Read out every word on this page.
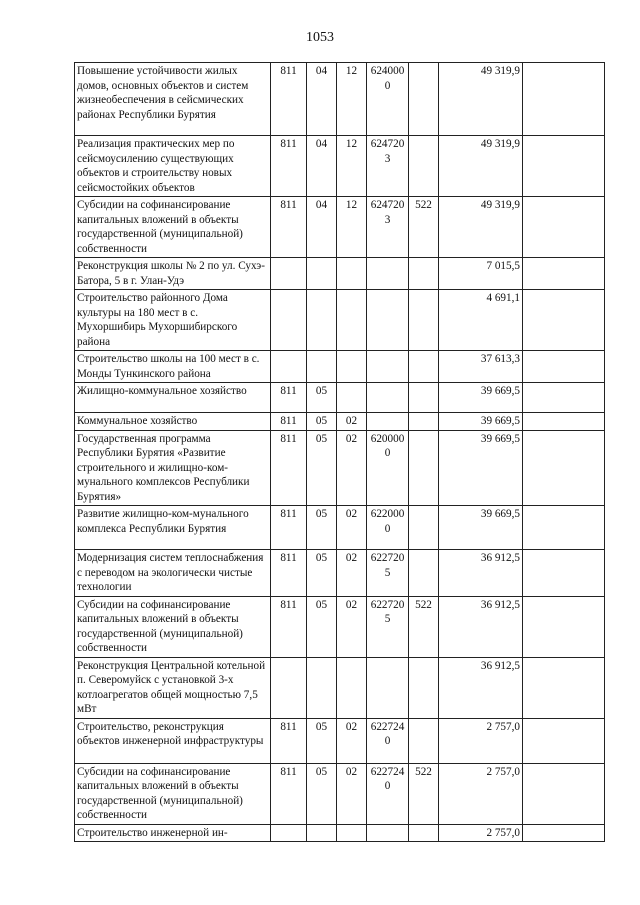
1053
Повышение устойчивости жилых домов, основных объектов и систем жизнеобеспечения в сейсмических районах Республики Бурятия	811	04	12	6240000		49 319,9	
Реализация практических мер по сейсмоусилению существующих объектов и строительству новых сейсмостойких объектов	811	04	12	6247203		49 319,9	
Субсидии на софинансирование капитальных вложений в объекты государственной (муниципальной) собственности	811	04	12	6247203	522	49 319,9	
Реконструкция школы № 2 по ул. Сухэ-Батора, 5 в г. Улан-Удэ						7 015,5	
Строительство районного Дома культуры на 180 мест в с. Мухоршибирь Мухоршибирского района						4 691,1	
Строительство школы на 100 мест в с. Монды Тункинского района						37 613,3	
Жилищно-коммунальное хозяйство	811	05				39 669,5	
Коммунальное хозяйство	811	05	02			39 669,5	
Государственная программа Республики Бурятия «Развитие строительного и жилищно-ком-мунального комплексов Республики Бурятия»	811	05	02	6200000		39 669,5	
Развитие жилищно-ком-мунального комплекса Республики Бурятия	811	05	02	6220000		39 669,5	
Модернизация систем теплоснабжения с переводом на экологически чистые технологии	811	05	02	6227205		36 912,5	
Субсидии на софинансирование капитальных вложений в объекты государственной (муниципальной) собственности	811	05	02	6227205	522	36 912,5	
Реконструкция Центральной котельной п. Северомуйск с установкой 3-х котлоагрегатов общей мощностью 7,5 мВт						36 912,5	
Строительство, реконструкция объектов инженерной инфраструктуры	811	05	02	6227240		2 757,0	
Субсидии на софинансирование капитальных вложений в объекты государственной (муниципальной) собственности	811	05	02	6227240	522	2 757,0	
Строительство инженерной ин-						2 757,0	
